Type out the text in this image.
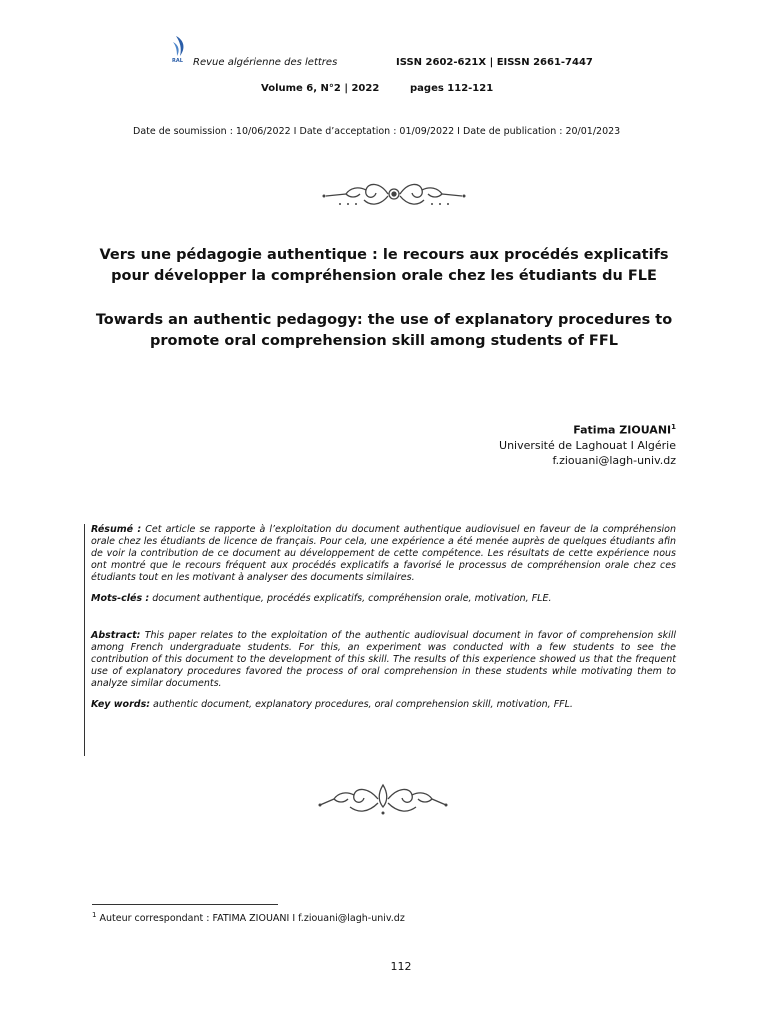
RAL Revue algérienne des lettres	ISSN 2602-621X | EISSN 2661-7447
Volume 6, N°2 | 2022	pages 112-121
Date de soumission : 10/06/2022 I Date d’acceptation : 01/09/2022 I Date de publication : 20/01/2023
Vers une pédagogie authentique : le recours aux procédés explicatifs
pour développer la compréhension orale chez les étudiants du FLE
Towards an authentic pedagogy: the use of explanatory procedures to
promote oral comprehension skill among students of FFL
Fatima ZIOUANI$^1$
Université de Laghouat I Algérie
f.ziouani@lagh-univ.dz

Résumé : Cet article se rapporte à l’exploitation du document authentique audiovisuel en faveur de la compréhension orale chez les étudiants de licence de français. Pour cela, une expérience a été menée auprès de quelques étudiants afin de voir la contribution de ce document au développement de cette compétence. Les résultats de cette expérience nous ont montré que le recours fréquent aux procédés explicatifs a favorisé le processus de compréhension orale chez ces étudiants tout en les motivant à analyser des documents similaires.

Mots-clés : document authentique, procédés explicatifs, compréhension orale, motivation, FLE.

Abstract: This paper relates to the exploitation of the authentic audiovisual document in favor of comprehension skill among French undergraduate students. For this, an experiment was conducted with a few students to see the contribution of this document to the development of this skill. The results of this experience showed us that the frequent use of explanatory procedures favored the process of oral comprehension in these students while motivating them to analyze similar documents.

Key words: authentic document, explanatory procedures, oral comprehension skill, motivation, FFL.

$^1$ Auteur correspondant : FATIMA ZIOUANI I f.ziouani@lagh-univ.dz
112
